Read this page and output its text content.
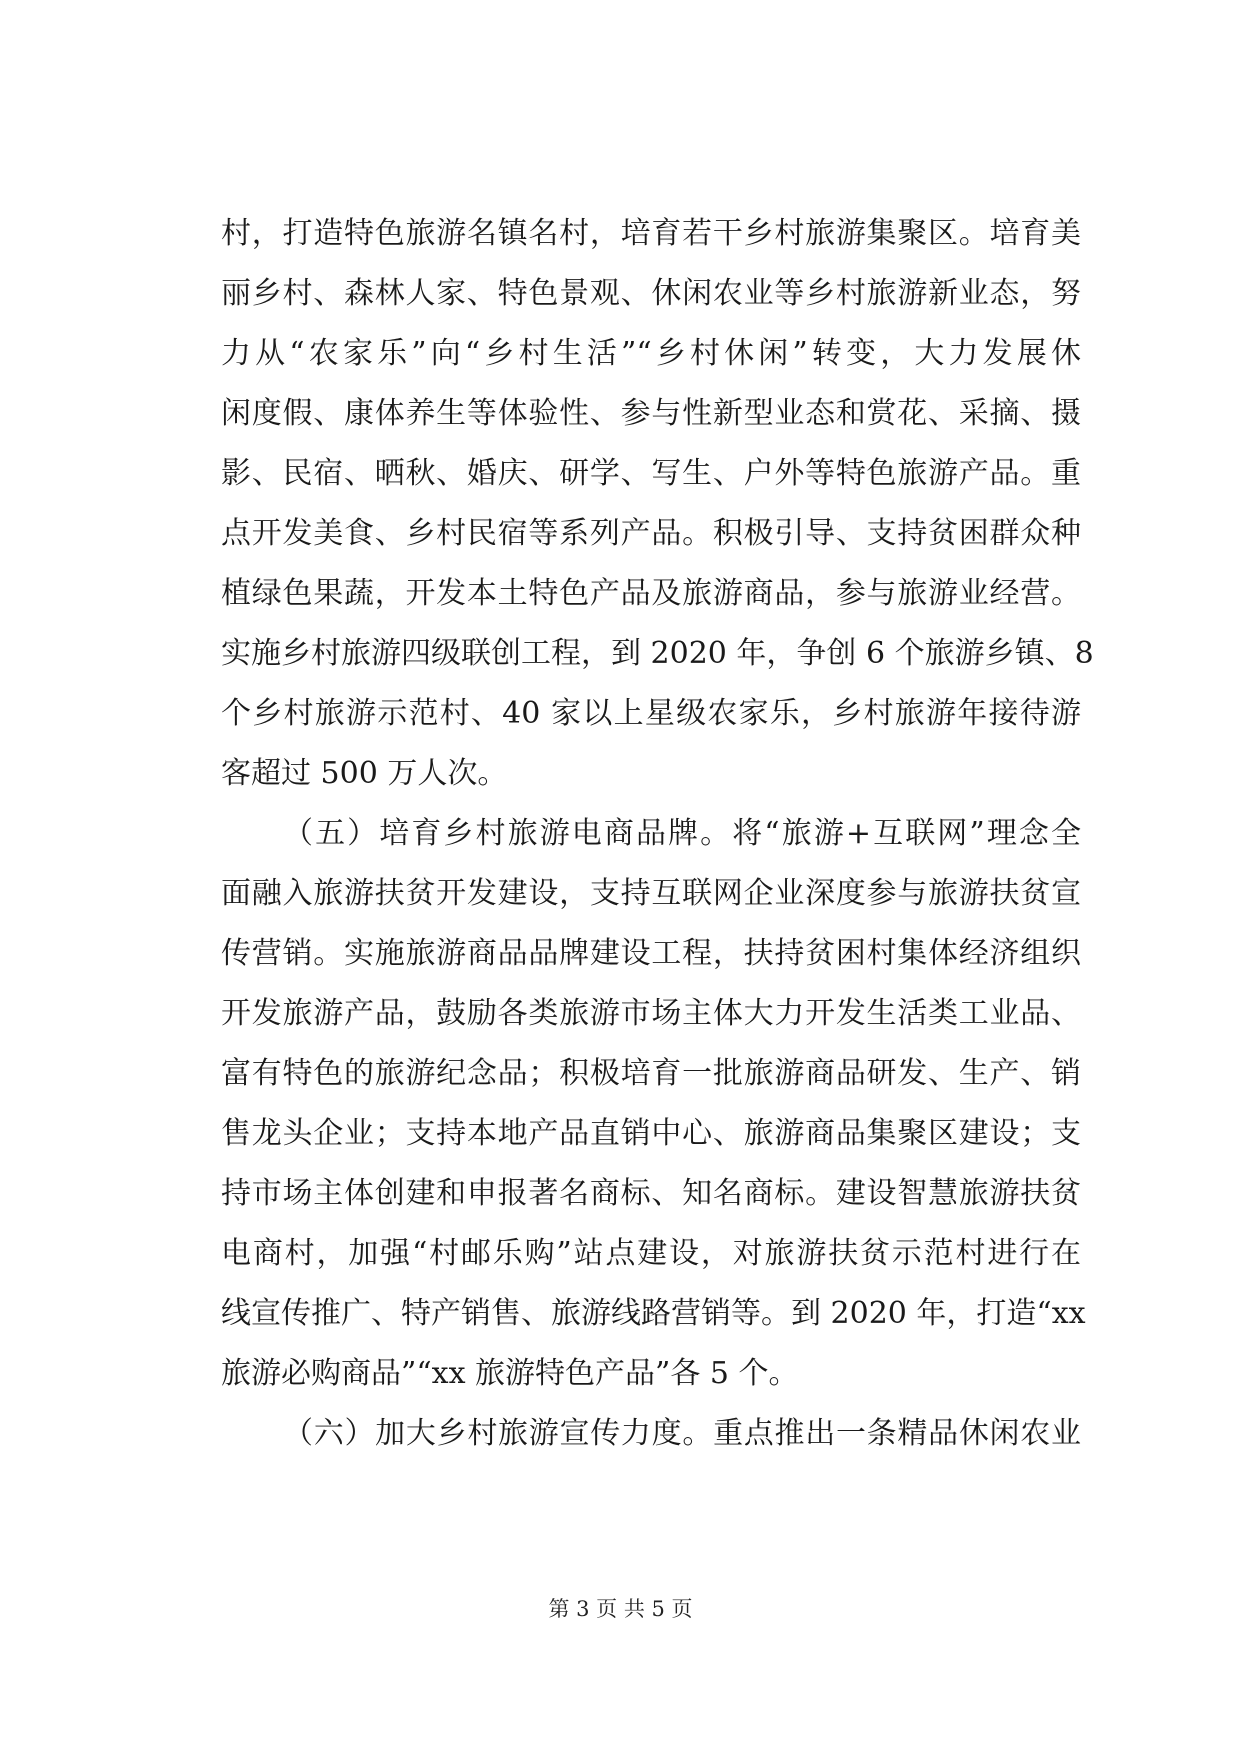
村，打造特色旅游名镇名村，培育若干乡村旅游集聚区。培育美
丽乡村、森林人家、特色景观、休闲农业等乡村旅游新业态，努
力从“农家乐”向“乡村生活”“乡村休闲”转变，大力发展休
闲度假、康体养生等体验性、参与性新型业态和赏花、采摘、摄
影、民宿、晒秋、婚庆、研学、写生、户外等特色旅游产品。重
点开发美食、乡村民宿等系列产品。积极引导、支持贫困群众种
植绿色果蔬，开发本土特色产品及旅游商品，参与旅游业经营。
实施乡村旅游四级联创工程，到 2020 年，争创 6 个旅游乡镇、8
个乡村旅游示范村、40 家以上星级农家乐，乡村旅游年接待游
客超过 500 万人次。
（五）培育乡村旅游电商品牌。将“旅游+互联网”理念全
面融入旅游扶贫开发建设，支持互联网企业深度参与旅游扶贫宣
传营销。实施旅游商品品牌建设工程，扶持贫困村集体经济组织
开发旅游产品，鼓励各类旅游市场主体大力开发生活类工业品、
富有特色的旅游纪念品；积极培育一批旅游商品研发、生产、销
售龙头企业；支持本地产品直销中心、旅游商品集聚区建设；支
持市场主体创建和申报著名商标、知名商标。建设智慧旅游扶贫
电商村，加强“村邮乐购”站点建设，对旅游扶贫示范村进行在
线宣传推广、特产销售、旅游线路营销等。到 2020 年，打造“xx
旅游必购商品”“xx 旅游特色产品”各 5 个。
（六）加大乡村旅游宣传力度。重点推出一条精品休闲农业
第 3 页 共 5 页
